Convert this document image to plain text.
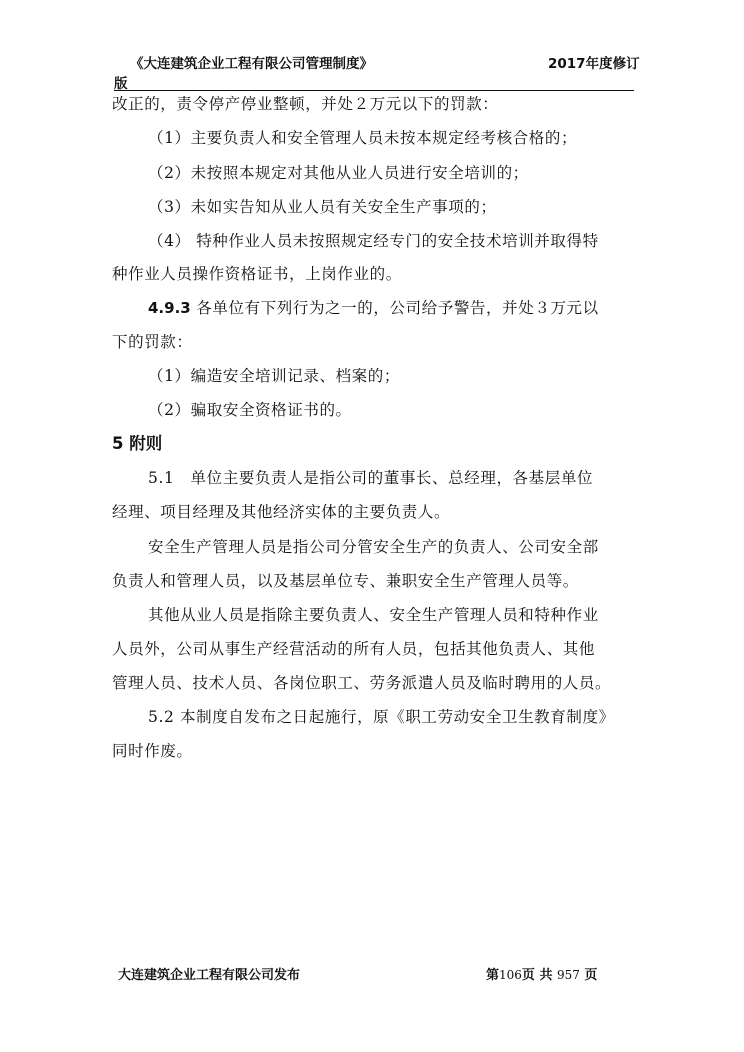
《大连建筑企业工程有限公司管理制度》	2017年度修订
版
改正的，责令停产停业整顿，并处２万元以下的罚款：
（1）主要负责人和安全管理人员未按本规定经考核合格的；
（2）未按照本规定对其他从业人员进行安全培训的；
（3）未如实告知从业人员有关安全生产事项的；
（4） 特种作业人员未按照规定经专门的安全技术培训并取得特
种作业人员操作资格证书，上岗作业的。
4.9.3 各单位有下列行为之一的，公司给予警告，并处３万元以
下的罚款：
（1）编造安全培训记录、档案的；
（2）骗取安全资格证书的。
5 附则
5.1　单位主要负责人是指公司的董事长、总经理，各基层单位
经理、项目经理及其他经济实体的主要负责人。
安全生产管理人员是指公司分管安全生产的负责人、公司安全部
负责人和管理人员，以及基层单位专、兼职安全生产管理人员等。
其他从业人员是指除主要负责人、安全生产管理人员和特种作业
人员外，公司从事生产经营活动的所有人员，包括其他负责人、其他
管理人员、技术人员、各岗位职工、劳务派遣人员及临时聘用的人员。
5.2 本制度自发布之日起施行，原《职工劳动安全卫生教育制度》
同时作废。
大连建筑企业工程有限公司发布	第106页 共 957 页
